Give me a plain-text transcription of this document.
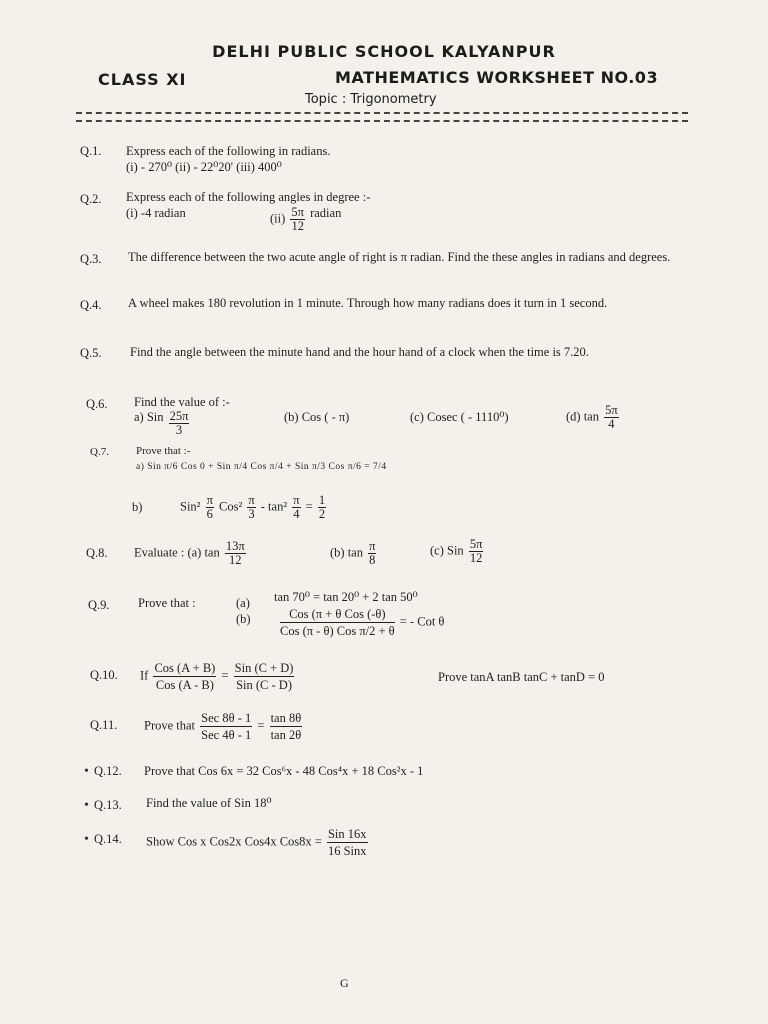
DELHI PUBLIC SCHOOL KALYANPUR
CLASS XI	MATHEMATICS WORKSHEET NO.03
Topic : Trigonometry
Q.1. Express each of the following in radians.
(i) - 270⁰ (ii) - 22⁰20' (iii) 400⁰
Q.2. Express each of the following angles in degree :-
(i) -4 radian	$(ii) \frac{5\pi}{12}$ radian
Q.3. The difference between the two acute angle of right is π radian. Find the these angles in radians and degrees.
Q.4. A wheel makes 180 revolution in 1 minute. Through how many radians does it turn in 1 second.
Q.5. Find the angle between the minute hand and the hour hand of a clock when the time is 7.20.
Q.6. Find the value of :-
a) Sin $\frac{25\pi}{3}$	(b) Cos ( - π)	(c) Cosec ( - 1110⁰)	(d) $\tan \frac{5\pi}{4}$
Q.7. Prove that :-
a) Sin π/6 Cos 0 + Sin π/4 Cos π/4 + Sin π/3 Cos π/6 = 7/4
b)	$Sin^2 \frac{\pi}{6} Cos^2 \frac{\pi}{3} - \tan^2 \frac{\pi}{4} = \frac{1}{2}$
Q.8. Evaluate : (a) $\tan \frac{13\pi}{12}$	(b) $\tan \frac{\pi}{8}$	(c) Sin $\frac{5\pi}{12}$
Q.9. Prove that :	(a) tan 70⁰ = tan 20⁰ + 2 tan 50⁰
(b)	Cos (π + θ Cos (-θ)
Cos (π - θ) Cos π/2 + θ
= - Cot θ
Q.10. If
Cos (A + B)
Cos (A - B)
=
Sin (C + D)
Sin (C - D)
Prove tanA tanB tanC + tanD = 0
Q.11. Prove that
Sec 8θ - 1
Sec 4θ - 1
= $\frac{\tan 8\theta}{\tan 2\theta}$
• Q.12. Prove that Cos 6x = 32 Cos⁶x - 48 Cos⁴x + 18 Cos²x - 1
• Q.13. Find the value of Sin 18⁰
• Q.14. Show Cos x Cos2x Cos4x Cos8x =
Sin 16x
16 Sinx
G
